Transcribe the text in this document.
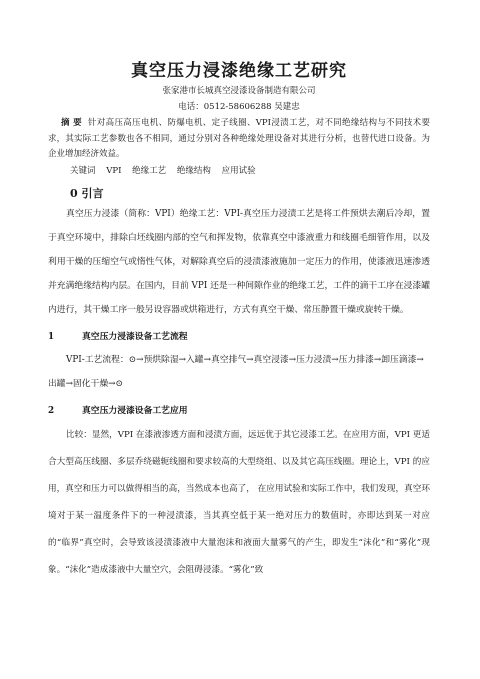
真空压力浸漆绝缘工艺研究
张家港市长城真空浸漆设备制造有限公司
电话：0512-58606288 吴建忠
摘 要 针对高压高压电机、防爆电机、定子线圈、VPI浸渍工艺，对不同绝缘结构与不同技术要求，其实际工艺参数也各不相同，通过分别对各种绝缘处理设备对其进行分析，也替代进口设备。为企业增加经济效益。
关键词 VPI 绝缘工艺 绝缘结构 应用试验
0 引言
真空压力浸漆（简称：VPI）绝缘工艺：VPI-真空压力浸渍工艺是将工件预烘去潮后冷却，置于真空环境中，排除白坯线圈内部的空气和挥发物，依靠真空中漆液重力和线圈毛细管作用，以及利用干燥的压缩空气或惰性气体，对解除真空后的浸渍漆液施加一定压力的作用，使漆液迅速渗透并充满绝缘结构内层。在国内，目前 VPI 还是一种间隙作业的绝缘工艺，工件的滴干工序在浸漆罐内进行，其干燥工序一般另设容器或烘箱进行，方式有真空干燥、常压静置干燥或旋转干燥。
1	真空压力浸漆设备工艺流程
VPI-工艺流程：⊙→预烘除湿→入罐→真空排气→真空浸漆→压力浸渍→压力排漆→卸压滴漆→出罐→固化干燥→⊙
2	真空压力浸漆设备工艺应用
比较：显然，VPI 在漆液渗透方面和浸渍方面，远远优于其它浸漆工艺。在应用方面，VPI 更适合大型高压线圈、多层乔绕磁轭线圈和要求较高的大型绕组、以及其它高压线圈。理论上，VPI 的应用，真空和压力可以做得相当的高，当然成本也高了， 在应用试验和实际工作中，我们发现，真空环境对于某一温度条件下的一种浸渍漆，当其真空低于某一绝对压力的数值时，亦即达到某一对应的“临界”真空时，会导致该浸渍漆液中大量泡沫和液面大量雾气的产生，即发生“沫化”和“雾化”现象。“沫化”造成漆液中大量空穴，会阻碍浸漆。“雾化”致
